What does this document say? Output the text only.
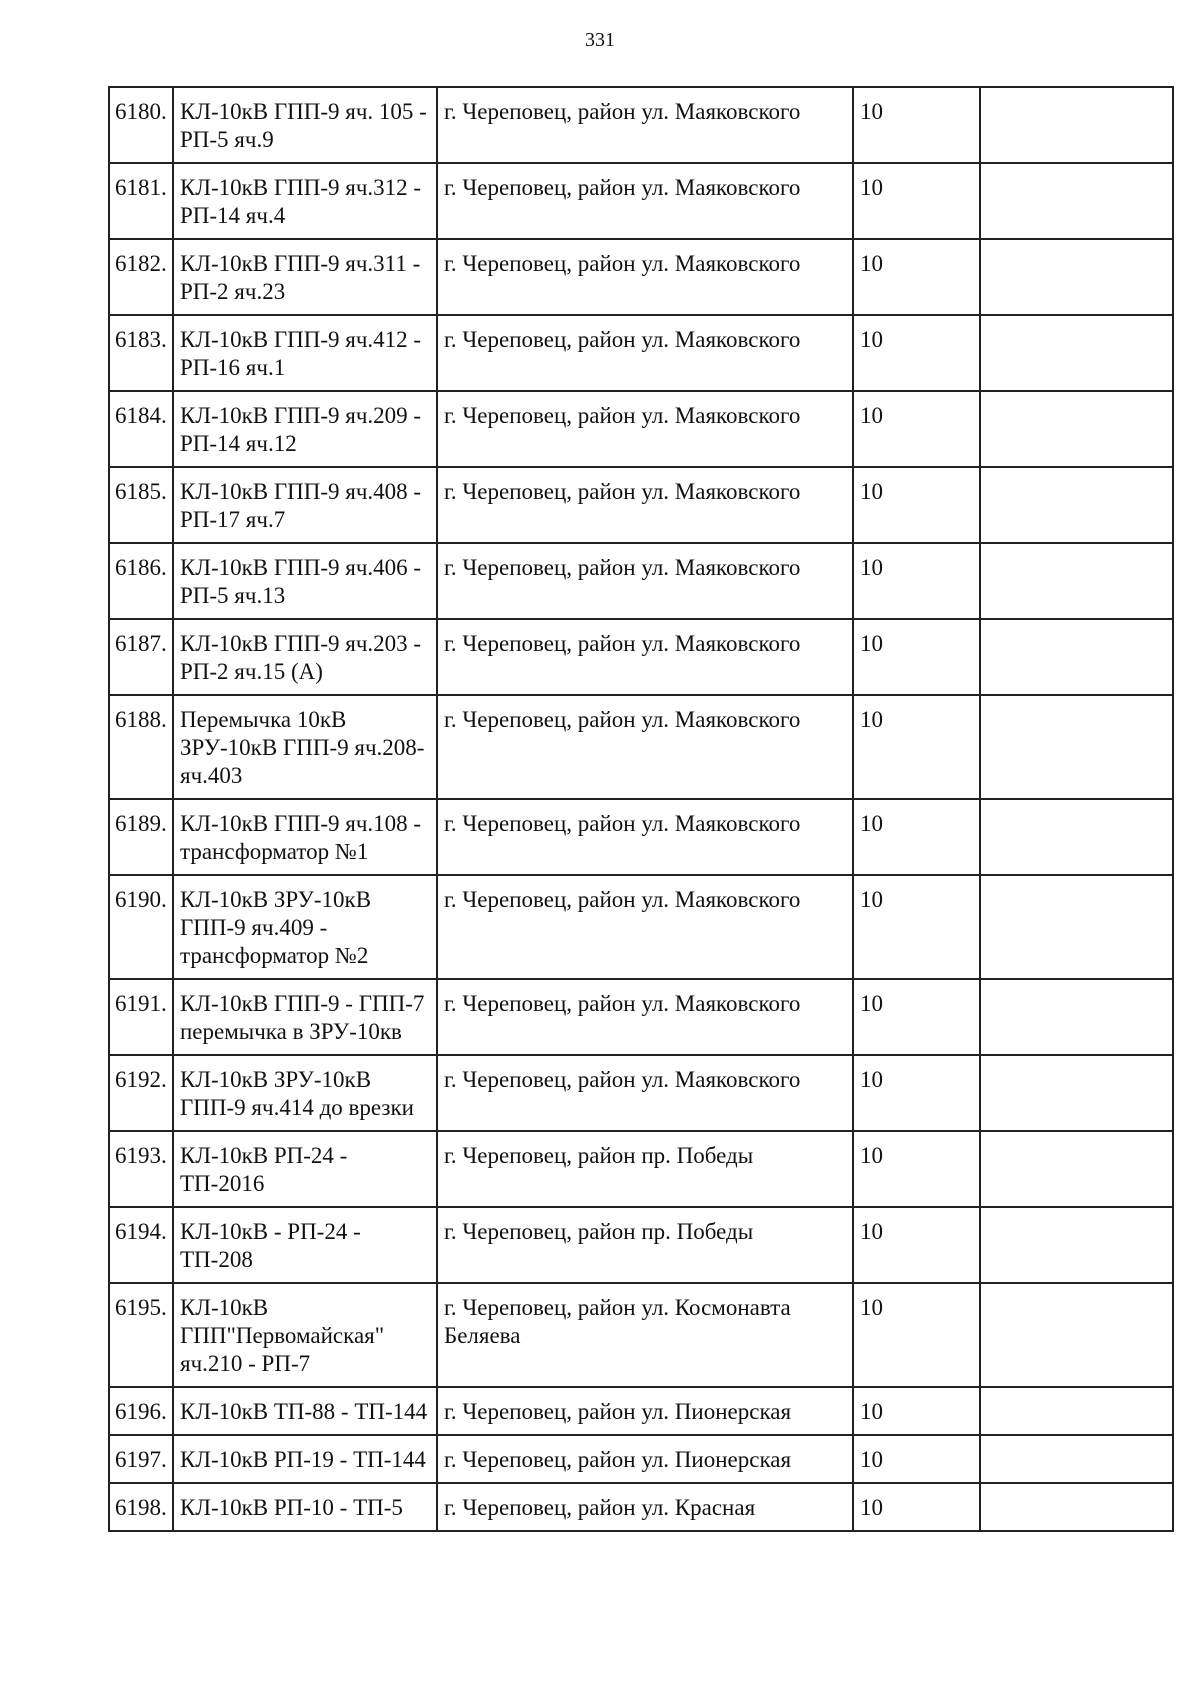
331
6180.	КЛ-10кВ ГПП-9 яч. 105 - РП-5 яч.9	г. Череповец, район ул. Маяковского	10	
6181.	КЛ-10кВ ГПП-9 яч.312 - РП-14 яч.4	г. Череповец, район ул. Маяковского	10	
6182.	КЛ-10кВ ГПП-9 яч.311 - РП-2 яч.23	г. Череповец, район ул. Маяковского	10	
6183.	КЛ-10кВ ГПП-9 яч.412 - РП-16 яч.1	г. Череповец, район ул. Маяковского	10	
6184.	КЛ-10кВ ГПП-9 яч.209 - РП-14 яч.12	г. Череповец, район ул. Маяковского	10	
6185.	КЛ-10кВ ГПП-9 яч.408 - РП-17 яч.7	г. Череповец, район ул. Маяковского	10	
6186.	КЛ-10кВ ГПП-9 яч.406 - РП-5 яч.13	г. Череповец, район ул. Маяковского	10	
6187.	КЛ-10кВ ГПП-9 яч.203 - РП-2 яч.15 (А)	г. Череповец, район ул. Маяковского	10	
6188.	Перемычка 10кВ ЗРУ-10кВ ГПП-9 яч.208-яч.403	г. Череповец, район ул. Маяковского	10	
6189.	КЛ-10кВ ГПП-9 яч.108 - трансформатор №1	г. Череповец, район ул. Маяковского	10	
6190.	КЛ-10кВ ЗРУ-10кВ ГПП-9 яч.409 - трансформатор №2	г. Череповец, район ул. Маяковского	10	
6191.	КЛ-10кВ ГПП-9 - ГПП-7 перемычка в ЗРУ-10кв	г. Череповец, район ул. Маяковского	10	
6192.	КЛ-10кВ ЗРУ-10кВ ГПП-9 яч.414 до врезки	г. Череповец, район ул. Маяковского	10	
6193.	КЛ-10кВ РП-24 - ТП-2016	г. Череповец, район пр. Победы	10	
6194.	КЛ-10кВ - РП-24 - ТП-208	г. Череповец, район пр. Победы	10	
6195.	КЛ-10кВ ГПП"Первомайская" яч.210 - РП-7	г. Череповец, район ул. Космонавта Беляева	10	
6196.	КЛ-10кВ ТП-88 - ТП-144	г. Череповец, район ул. Пионерская	10	
6197.	КЛ-10кВ РП-19 - ТП-144	г. Череповец, район ул. Пионерская	10	
6198.	КЛ-10кВ РП-10 - ТП-5	г. Череповец, район ул. Красная	10	
